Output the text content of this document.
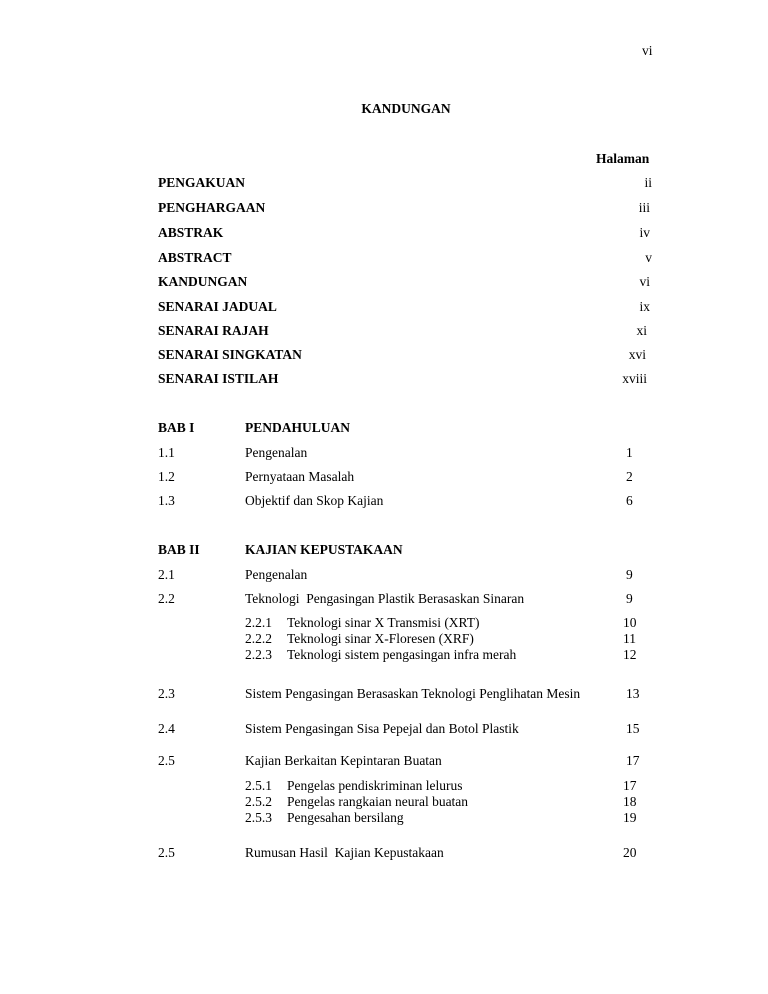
vi
KANDUNGAN
Halaman
PENGAKUAN	ii
PENGHARGAAN	iii
ABSTRAK	iv
ABSTRACT	v
KANDUNGAN	vi
SENARAI JADUAL	ix
SENARAI RAJAH	xi
SENARAI SINGKATAN	xvi
SENARAI ISTILAH	xviii
BAB I	PENDAHULUAN
1.1	Pengenalan	1
1.2	Pernyataan Masalah	2
1.3	Objektif dan Skop Kajian	6
BAB II	KAJIAN KEPUSTAKAAN
2.1	Pengenalan	9
2.2	Teknologi  Pengasingan Plastik Berasaskan Sinaran	9
2.2.1 Teknologi sinar X Transmisi (XRT)	10
2.2.2 Teknologi sinar X-Floresen (XRF)	11
2.2.3 Teknologi sistem pengasingan infra merah	12
2.3	Sistem Pengasingan Berasaskan Teknologi Penglihatan Mesin	13
2.4	Sistem Pengasingan Sisa Pepejal dan Botol Plastik	15
2.5	Kajian Berkaitan Kepintaran Buatan	17
2.5.1 Pengelas pendiskriminan lelurus	17
2.5.2 Pengelas rangkaian neural buatan	18
2.5.3 Pengesahan bersilang	19
2.5	Rumusan Hasil  Kajian Kepustakaan	20
